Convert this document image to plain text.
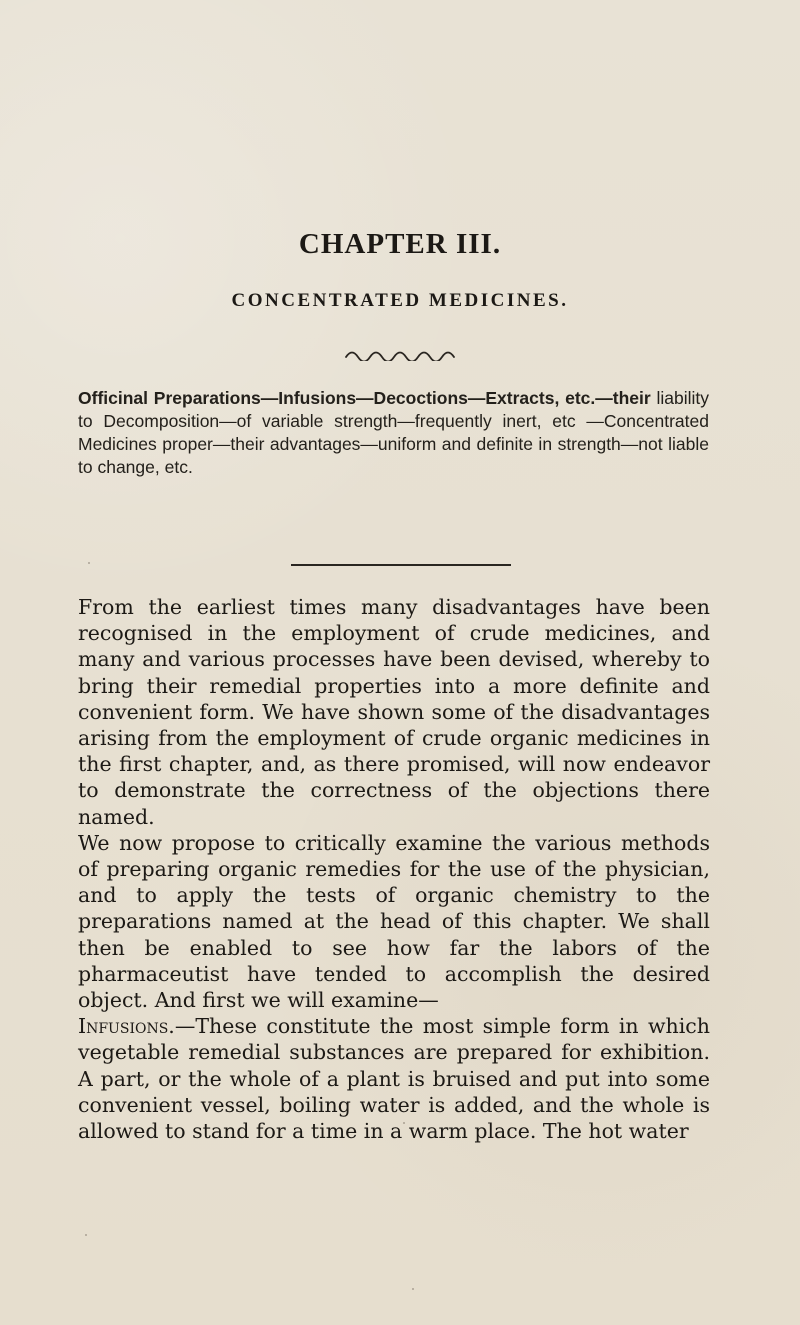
CHAPTER III.
CONCENTRATED MEDICINES.

Officinal Preparations—Infusions—Decoctions—Extracts, etc.—their liability to Decomposition—of variable strength—frequently inert, etc —Concentrated Medicines proper—their advantages—uniform and definite in strength—not liable to change, etc.

From the earliest times many disadvantages have been recognised in the employment of crude medicines, and many and various processes have been devised, whereby to bring their remedial properties into a more definite and convenient form. We have shown some of the disadvantages arising from the employment of crude organic medicines in the first chapter, and, as there promised, will now endeavor to demonstrate the correctness of the objections there named.

We now propose to critically examine the various methods of preparing organic remedies for the use of the physician, and to apply the tests of organic chemistry to the preparations named at the head of this chapter. We shall then be enabled to see how far the labors of the pharmaceutist have tended to accomplish the desired object. And first we will examine—

Infusions.—These constitute the most simple form in which vegetable remedial substances are prepared for exhibition. A part, or the whole of a plant is bruised and put into some convenient vessel, boiling water is added, and the whole is allowed to stand for a time in a warm place. The hot water
